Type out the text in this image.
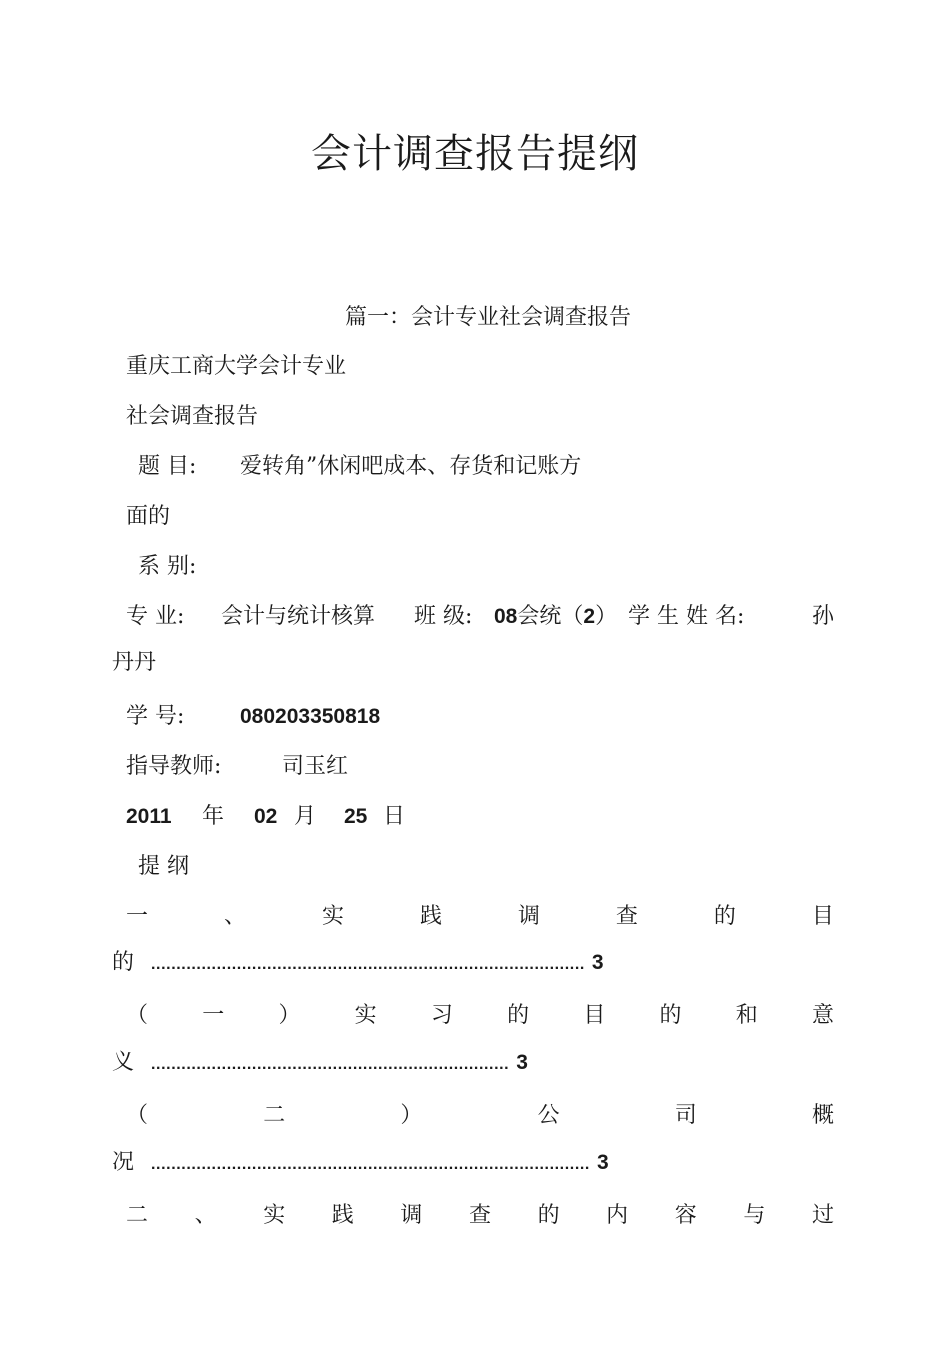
会计调查报告提纲
篇一：会计专业社会调查报告
重庆工商大学会计专业
社会调查报告
题 目: 爱转角”休闲吧成本、存货和记账方
面的
系 别:
专 业: 会计与统计核算 班 级: 08会统（2） 学 生 姓 名:	孙
丹丹
学 号:	080203350818
指导教师:	司玉红
2011 年 02 月 25 日
提 纲
一	、	实	践	调	查	的	目
的 ...................................................................................... 3
（ 一 ） 实 习 的 目 的 和 意
义 ....................................................................... 3
（	二	）	公	司	概
况 ....................................................................................... 3
二 、 实 践 调 查 的 内 容 与 过
